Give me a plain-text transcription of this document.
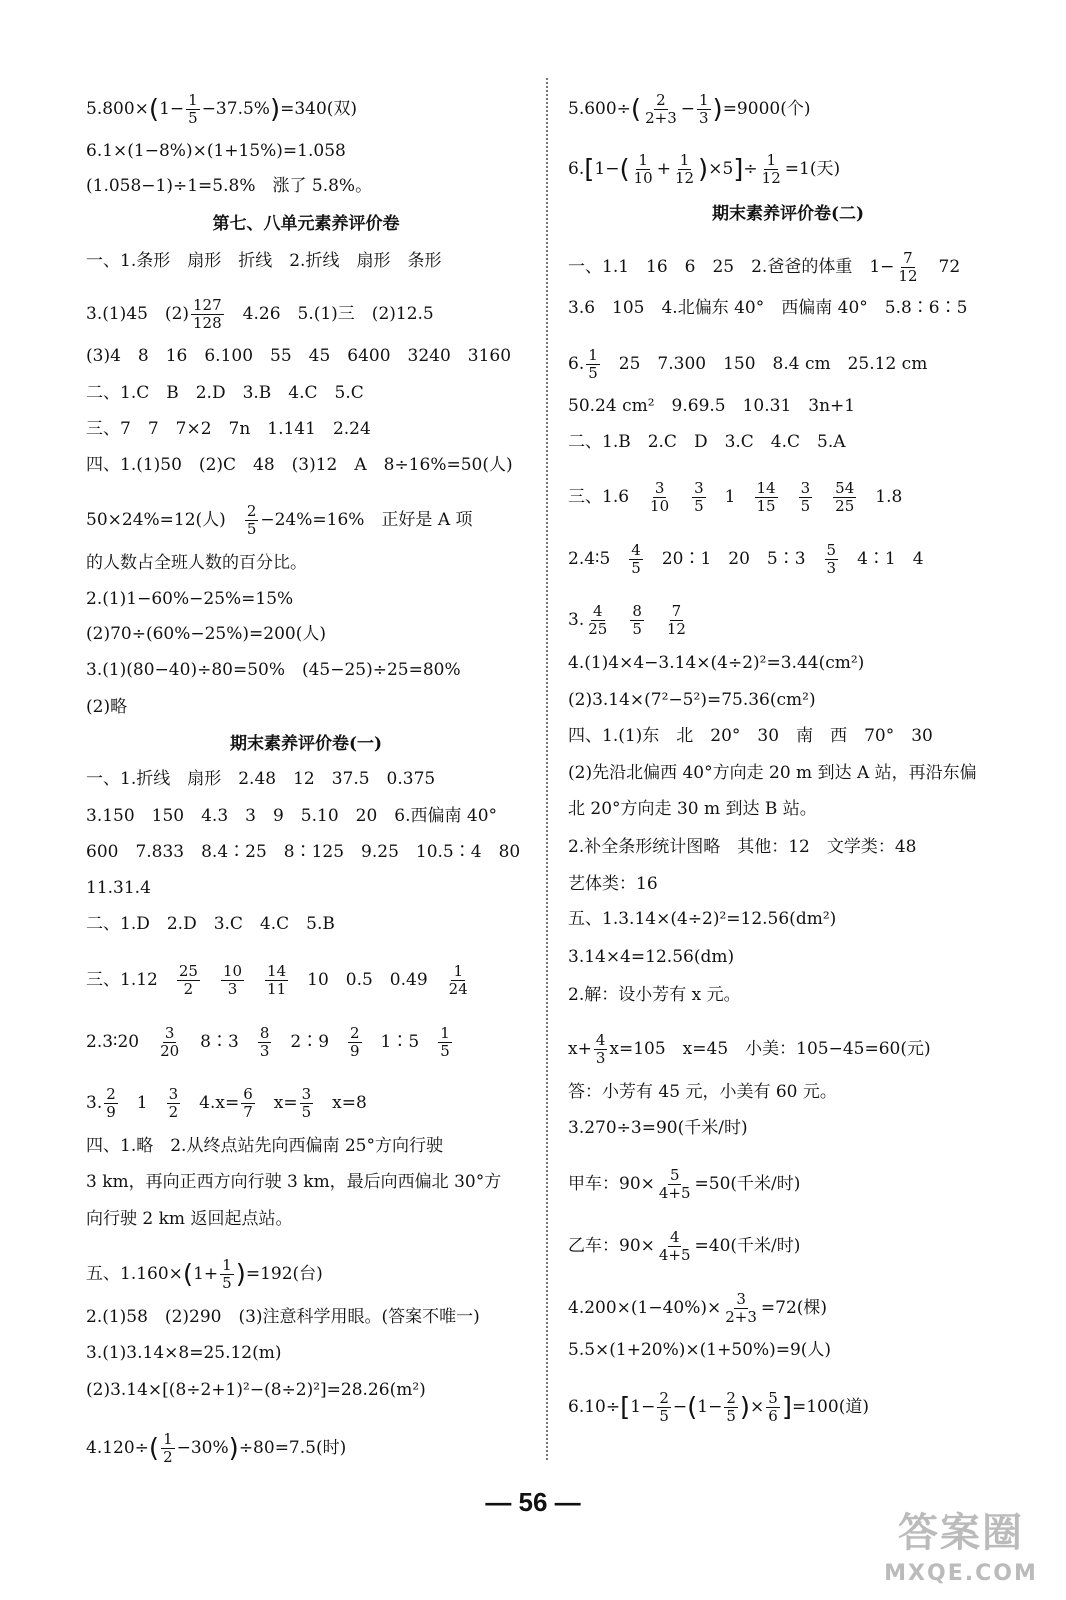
$5.800\times(1- \frac{1}{5} -37.5\%)=340$(双)
6.1×(1−8%)×(1+15%)=1.058
(1.058−1)÷1=5.8%　涨了 5.8%。
第七、八单元素养评价卷
一、1.条形　扇形　折线　2.折线　扇形　条形
3.(1)45　$(2) \frac{127}{128}$ 　4.26　5.(1)三　(2)12.5
(3)4　8　16　6.100　55　45　6400　3240　3160
二、1.C　B　2.D　3.B　4.C　5.C
三、7　7　7×2　7n　1.141　2.24
四、1.(1)50　(2)C　48　(3)12　A　8÷16%=50(人)
50×24%=12(人)　 $\frac{2}{5} -24\%=16\%$　正好是 A 项
的人数占全班人数的百分比。
2.(1)1−60%−25%=15%
(2)70÷(60%−25%)=200(人)
3.(1)(80−40)÷80=50%　(45−25)÷25=80%
(2)略
期末素养评价卷(一)
一、1.折线　扇形　2.48　12　37.5　0.375
3.150　150　4.3　3　9　5.10　20　6.西偏南 40°
600　7.833　8.4∶25　8∶125　9.25　10.5∶4　80
11.31.4
二、1.D　2.D　3.C　4.C　5.B
三、1.12　 $\frac{25}{2}$
　 $\frac{10}{3}$
　 $\frac{14}{11}$ 　10　0.5　0.49　 $\frac{1}{24}$
2.3∶20　 $\frac{3}{20}$ 　8∶3　 $\frac{8}{3}$ 　2∶9　 $\frac{2}{9}$ 　1∶5　 $\frac{1}{5}$
3. $\frac{2}{9}$ 　1　 $\frac{3}{2}$ 　$4.x= \frac{6}{7}$ 　$x= \frac{3}{5}$ 　x=8
四、1.略　2.从终点站先向西偏南 25°方向行驶
3 km，再向正西方向行驶 3 km，最后向西偏北 30°方
向行驶 2 km 返回起点站。
五、$1.160\times(1+ \frac{1}{5} )=192$(台)
2.(1)58　(2)290　(3)注意科学用眼。(答案不唯一)
3.(1)3.14×8=25.12(m)
(2)3.14×[(8÷2+1)²−(8÷2)²]=28.26(m²)
$4.120\div( \frac{1}{2} -30\%)\div 80=7.5$(时)
$5.600\div( \frac{2}{2+3} - \frac{1}{3} )=9000$(个)
$6.[1-( \frac{1}{10} + \frac{1}{12} )\times 5]\div \frac{1}{12} =1$(天)
期末素养评价卷(二)
一、1.1　16　6　25　2.爸爸的体重　$1- \frac{7}{12}$ 　72
3.6　105　4.北偏东 40°　西偏南 40°　5.8∶6∶5
6. $\frac{1}{5}$ 　25　7.300　150　8.4 cm　25.12 cm
50.24 cm²　9.69.5　10.31　3n+1
二、1.B　2.C　D　3.C　4.C　5.A
三、1.6　 $\frac{3}{10}$
　 $\frac{3}{5}$ 　1　 $\frac{14}{15}$
　 $\frac{3}{5}$
　 $\frac{54}{25}$ 　1.8
2.4∶5　 $\frac{4}{5}$ 　20∶1　20　5∶3　 $\frac{5}{3}$ 　4∶1　4
3. $\frac{4}{25}$
　 $\frac{8}{5}$
　 $\frac{7}{12}$
4.(1)4×4−3.14×(4÷2)²=3.44(cm²)
(2)3.14×(7²−5²)=75.36(cm²)
四、1.(1)东　北　20°　30　南　西　70°　30
(2)先沿北偏西 40°方向走 20 m 到达 A 站，再沿东偏
北 20°方向走 30 m 到达 B 站。
2.补全条形统计图略　其他：12　文学类：48
艺体类：16
五、1.3.14×(4÷2)²=12.56(dm²)
3.14×4=12.56(dm)
2.解：设小芳有 x 元。
$x+ \frac{4}{3} x=105$　x=45　小美：105−45=60(元)
答：小芳有 45 元，小美有 60 元。
3.270÷3=90(千米/时)
甲车：$90\times \frac{5}{4+5} =50$(千米/时)
乙车：$90\times \frac{4}{4+5} =40$(千米/时)
$4.200\times(1-40\%)\times \frac{3}{2+3} =72$(棵)
5.5×(1+20%)×(1+50%)=9(人)
$6.10\div[1- \frac{2}{5} -(1- \frac{2}{5}$ )× $\frac{5}{6} ]=100$(道)
— 56 —
答案圈
MXQE.COM
